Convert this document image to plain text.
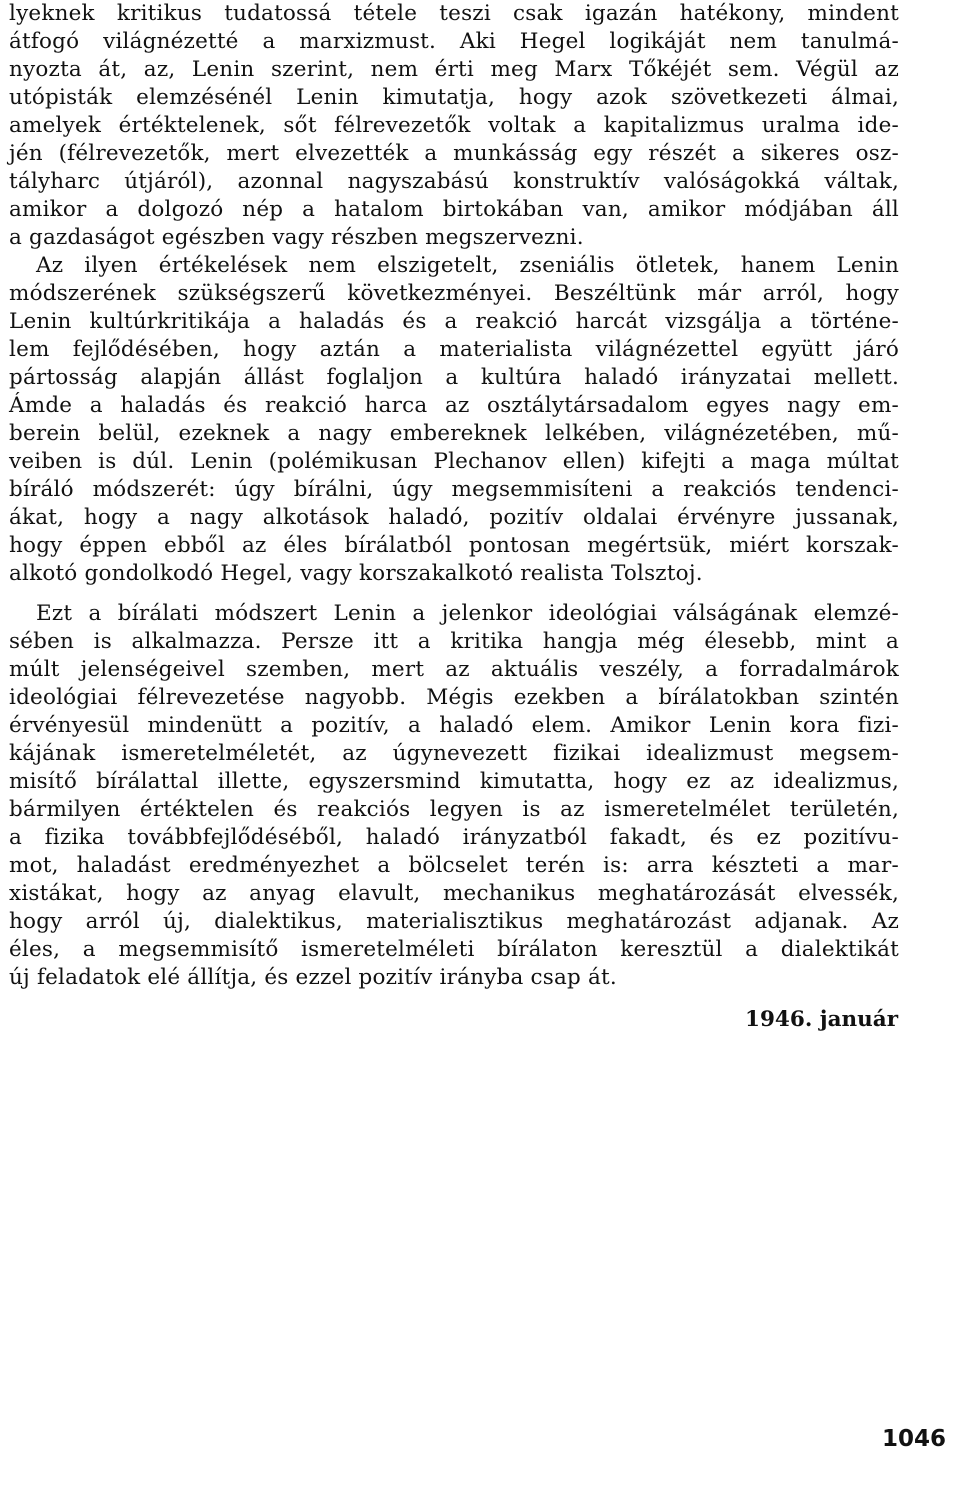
lyeknek kritikus tudatossá tétele teszi csak igazán hatékony, mindent
átfogó világnézetté a marxizmust. Aki Hegel logikáját nem tanulmá-
nyozta át, az, Lenin szerint, nem érti meg Marx Tőkéjét sem. Végül az
utópisták elemzésénél Lenin kimutatja, hogy azok szövetkezeti álmai,
amelyek értéktelenek, sőt félrevezetők voltak a kapitalizmus uralma ide-
jén (félrevezetők, mert elvezették a munkásság egy részét a sikeres osz-
tályharc útjáról), azonnal nagyszabású konstruktív valóságokká váltak,
amikor a dolgozó nép a hatalom birtokában van, amikor módjában áll
a gazdaságot egészben vagy részben megszervezni.
Az ilyen értékelések nem elszigetelt, zseniális ötletek, hanem Lenin
módszerének szükségszerű következményei. Beszéltünk már arról, hogy
Lenin kultúrkritikája a haladás és a reakció harcát vizsgálja a történe-
lem fejlődésében, hogy aztán a materialista világnézettel együtt járó
pártosság alapján állást foglaljon a kultúra haladó irányzatai mellett.
Ámde a haladás és reakció harca az osztálytársadalom egyes nagy em-
berein belül, ezeknek a nagy embereknek lelkében, világnézetében, mű-
veiben is dúl. Lenin (polémikusan Plechanov ellen) kifejti a maga múltat
bíráló módszerét: úgy bírálni, úgy megsemmisíteni a reakciós tendenci-
ákat, hogy a nagy alkotások haladó, pozitív oldalai érvényre jussanak,
hogy éppen ebből az éles bírálatból pontosan megértsük, miért korszak-
alkotó gondolkodó Hegel, vagy korszakalkotó realista Tolsztoj.
Ezt a bírálati módszert Lenin a jelenkor ideológiai válságának elemzé-
sében is alkalmazza. Persze itt a kritika hangja még élesebb, mint a
múlt jelenségeivel szemben, mert az aktuális veszély, a forradalmárok
ideológiai félrevezetése nagyobb. Mégis ezekben a bírálatokban szintén
érvényesül mindenütt a pozitív, a haladó elem. Amikor Lenin kora fizi-
kájának ismeretelméletét, az úgynevezett fizikai idealizmust megsem-
misítő bírálattal illette, egyszersmind kimutatta, hogy ez az idealizmus,
bármilyen értéktelen és reakciós legyen is az ismeretelmélet területén,
a fizika továbbfejlődéséből, haladó irányzatból fakadt, és ez pozitívu-
mot, haladást eredményezhet a bölcselet terén is: arra készteti a mar-
xistákat, hogy az anyag elavult, mechanikus meghatározását elvessék,
hogy arról új, dialektikus, materialisztikus meghatározást adjanak. Az
éles, a megsemmisítő ismeretelméleti bírálaton keresztül a dialektikát
új feladatok elé állítja, és ezzel pozitív irányba csap át.
1946. január
1046
